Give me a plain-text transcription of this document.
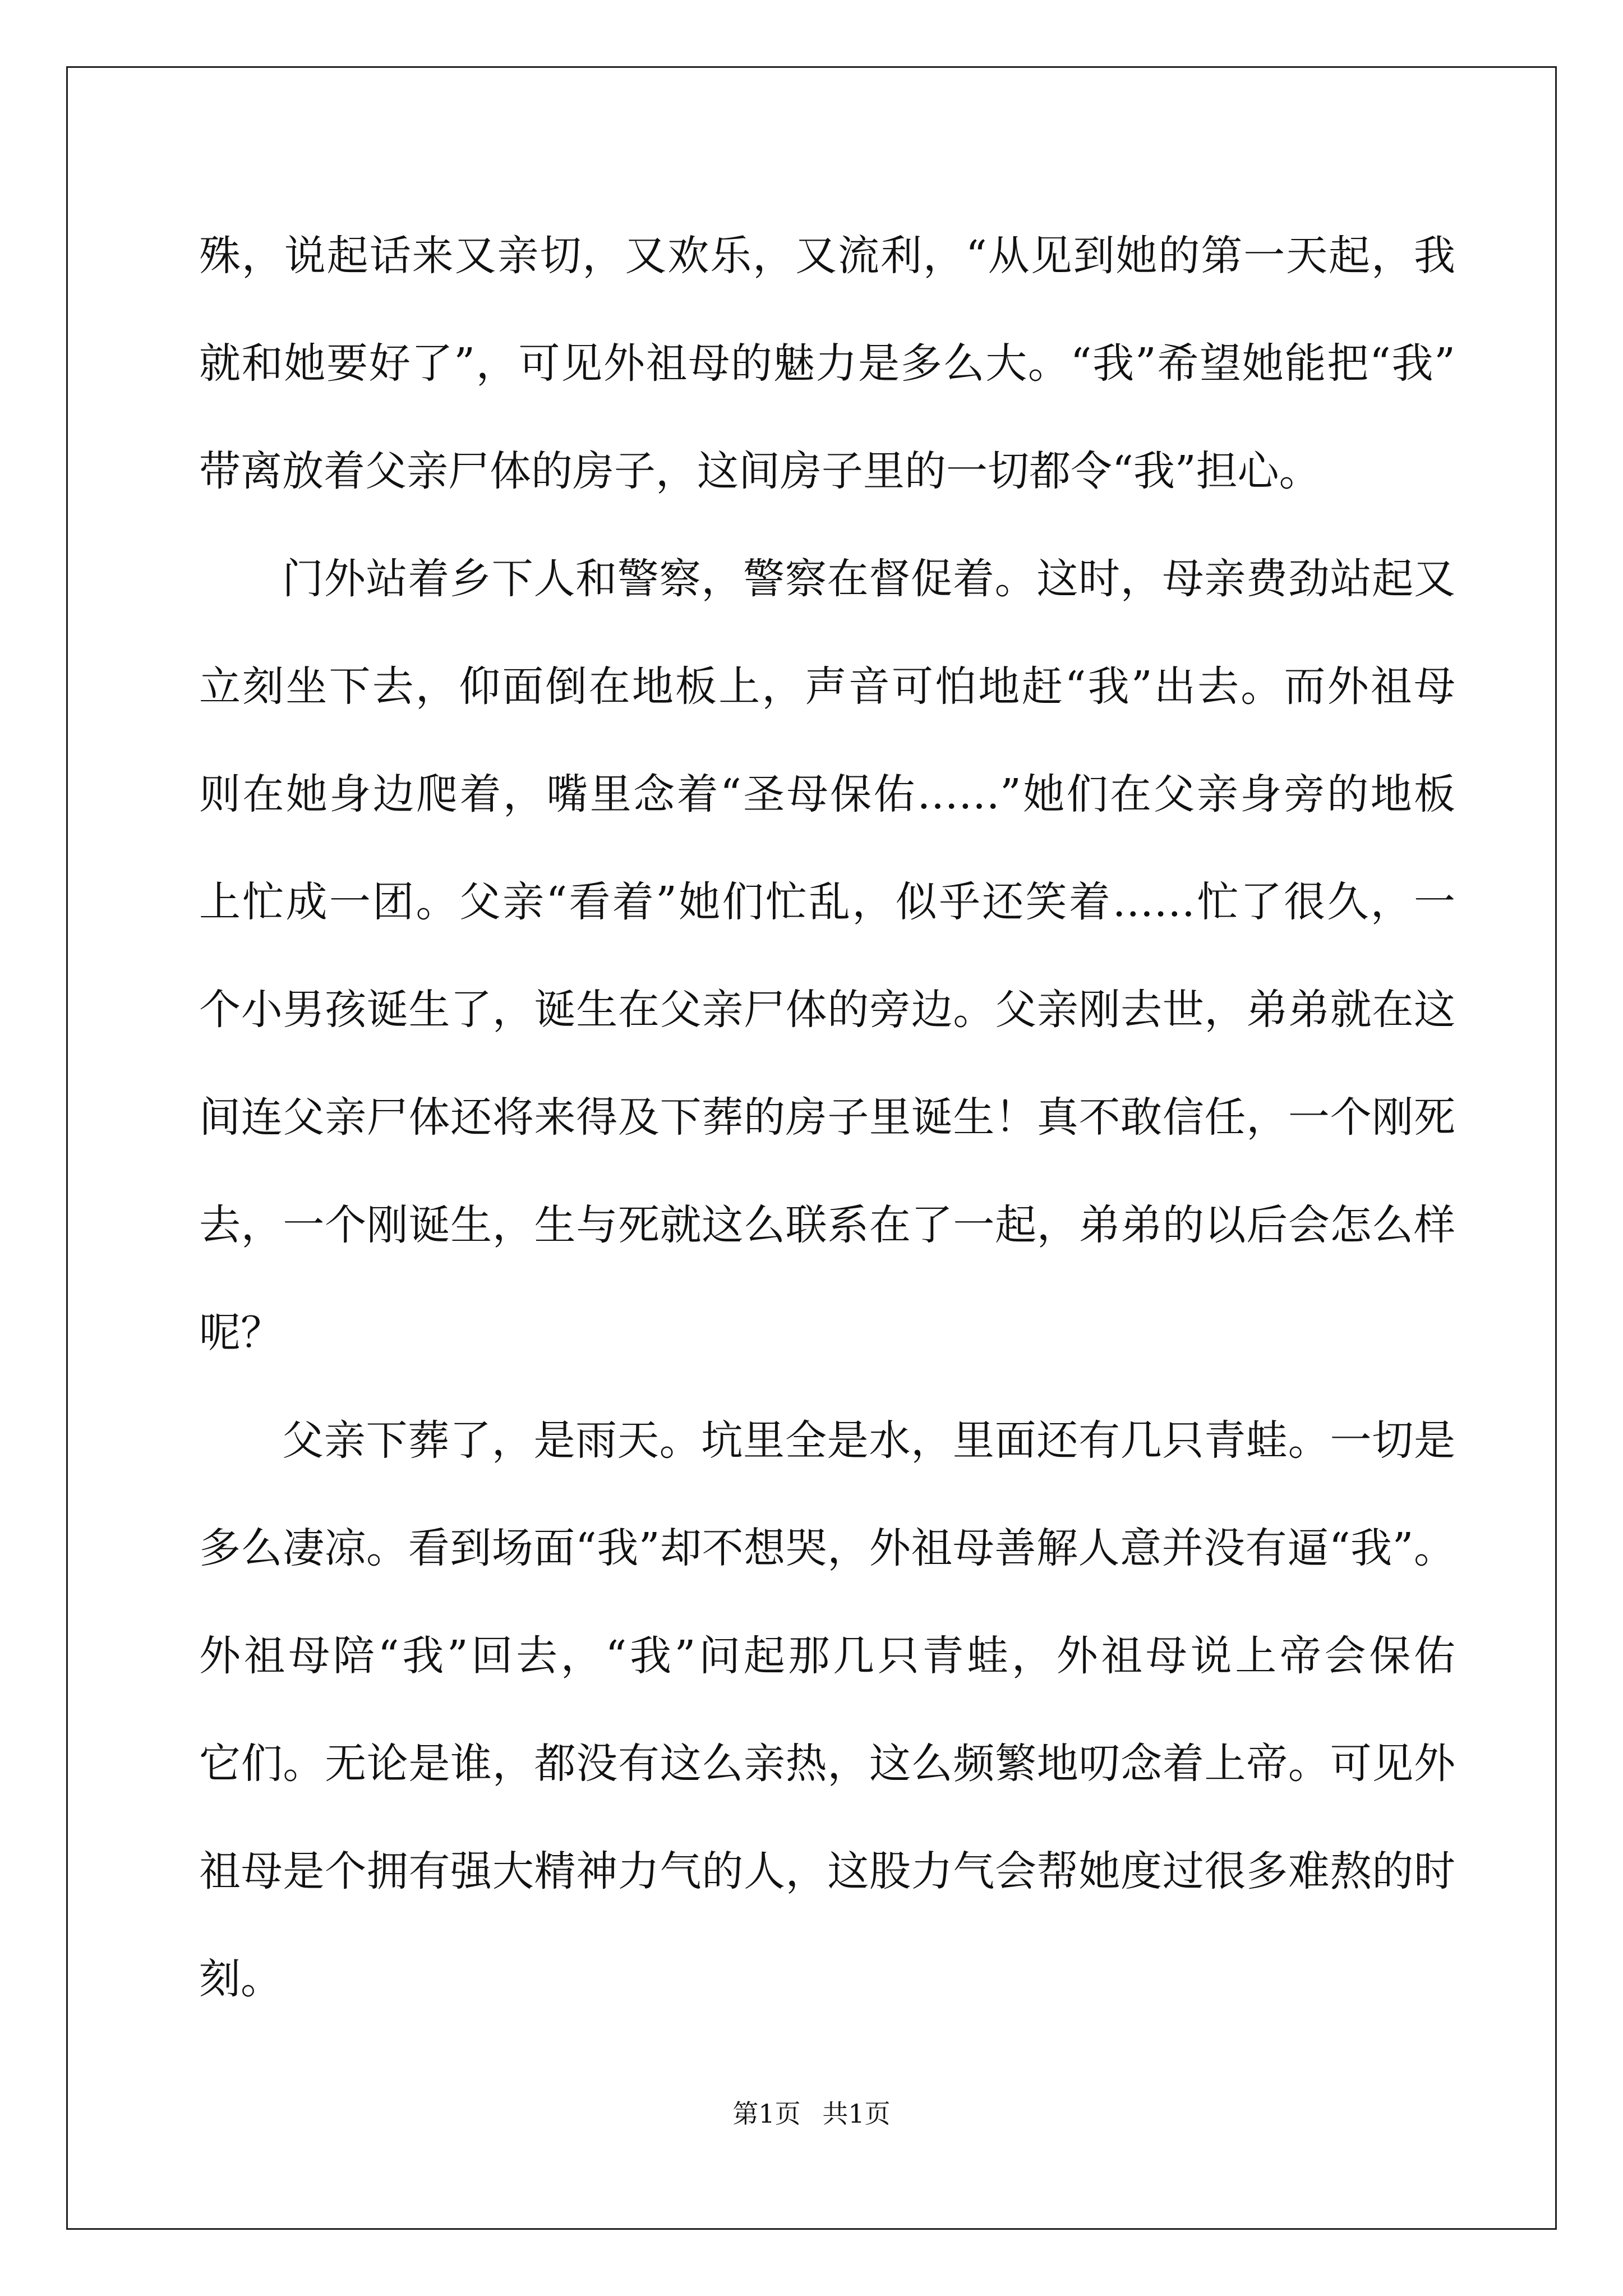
殊，说起话来又亲切，又欢乐，又流利，“从见到她的第一天起，我
就和她要好了”，可见外祖母的魅力是多么大。“我”希望她能把“我”
带离放着父亲尸体的房子，这间房子里的一切都令“我”担心。
门外站着乡下人和警察，警察在督促着。这时，母亲费劲站起又
立刻坐下去，仰面倒在地板上，声音可怕地赶“我”出去。而外祖母
则在她身边爬着，嘴里念着“圣母保佑……”她们在父亲身旁的地板
上忙成一团。父亲“看着”她们忙乱，似乎还笑着……忙了很久，一
个小男孩诞生了，诞生在父亲尸体的旁边。父亲刚去世，弟弟就在这
间连父亲尸体还将来得及下葬的房子里诞生！真不敢信任，一个刚死
去，一个刚诞生，生与死就这么联系在了一起，弟弟的以后会怎么样
呢？
父亲下葬了，是雨天。坑里全是水，里面还有几只青蛙。一切是
多么凄凉。看到场面“我”却不想哭，外祖母善解人意并没有逼“我”。
外祖母陪“我”回去，“我”问起那几只青蛙，外祖母说上帝会保佑
它们。无论是谁，都没有这么亲热，这么频繁地叨念着上帝。可见外
祖母是个拥有强大精神力气的人，这股力气会帮她度过很多难熬的时
刻。
第1页 共1页
